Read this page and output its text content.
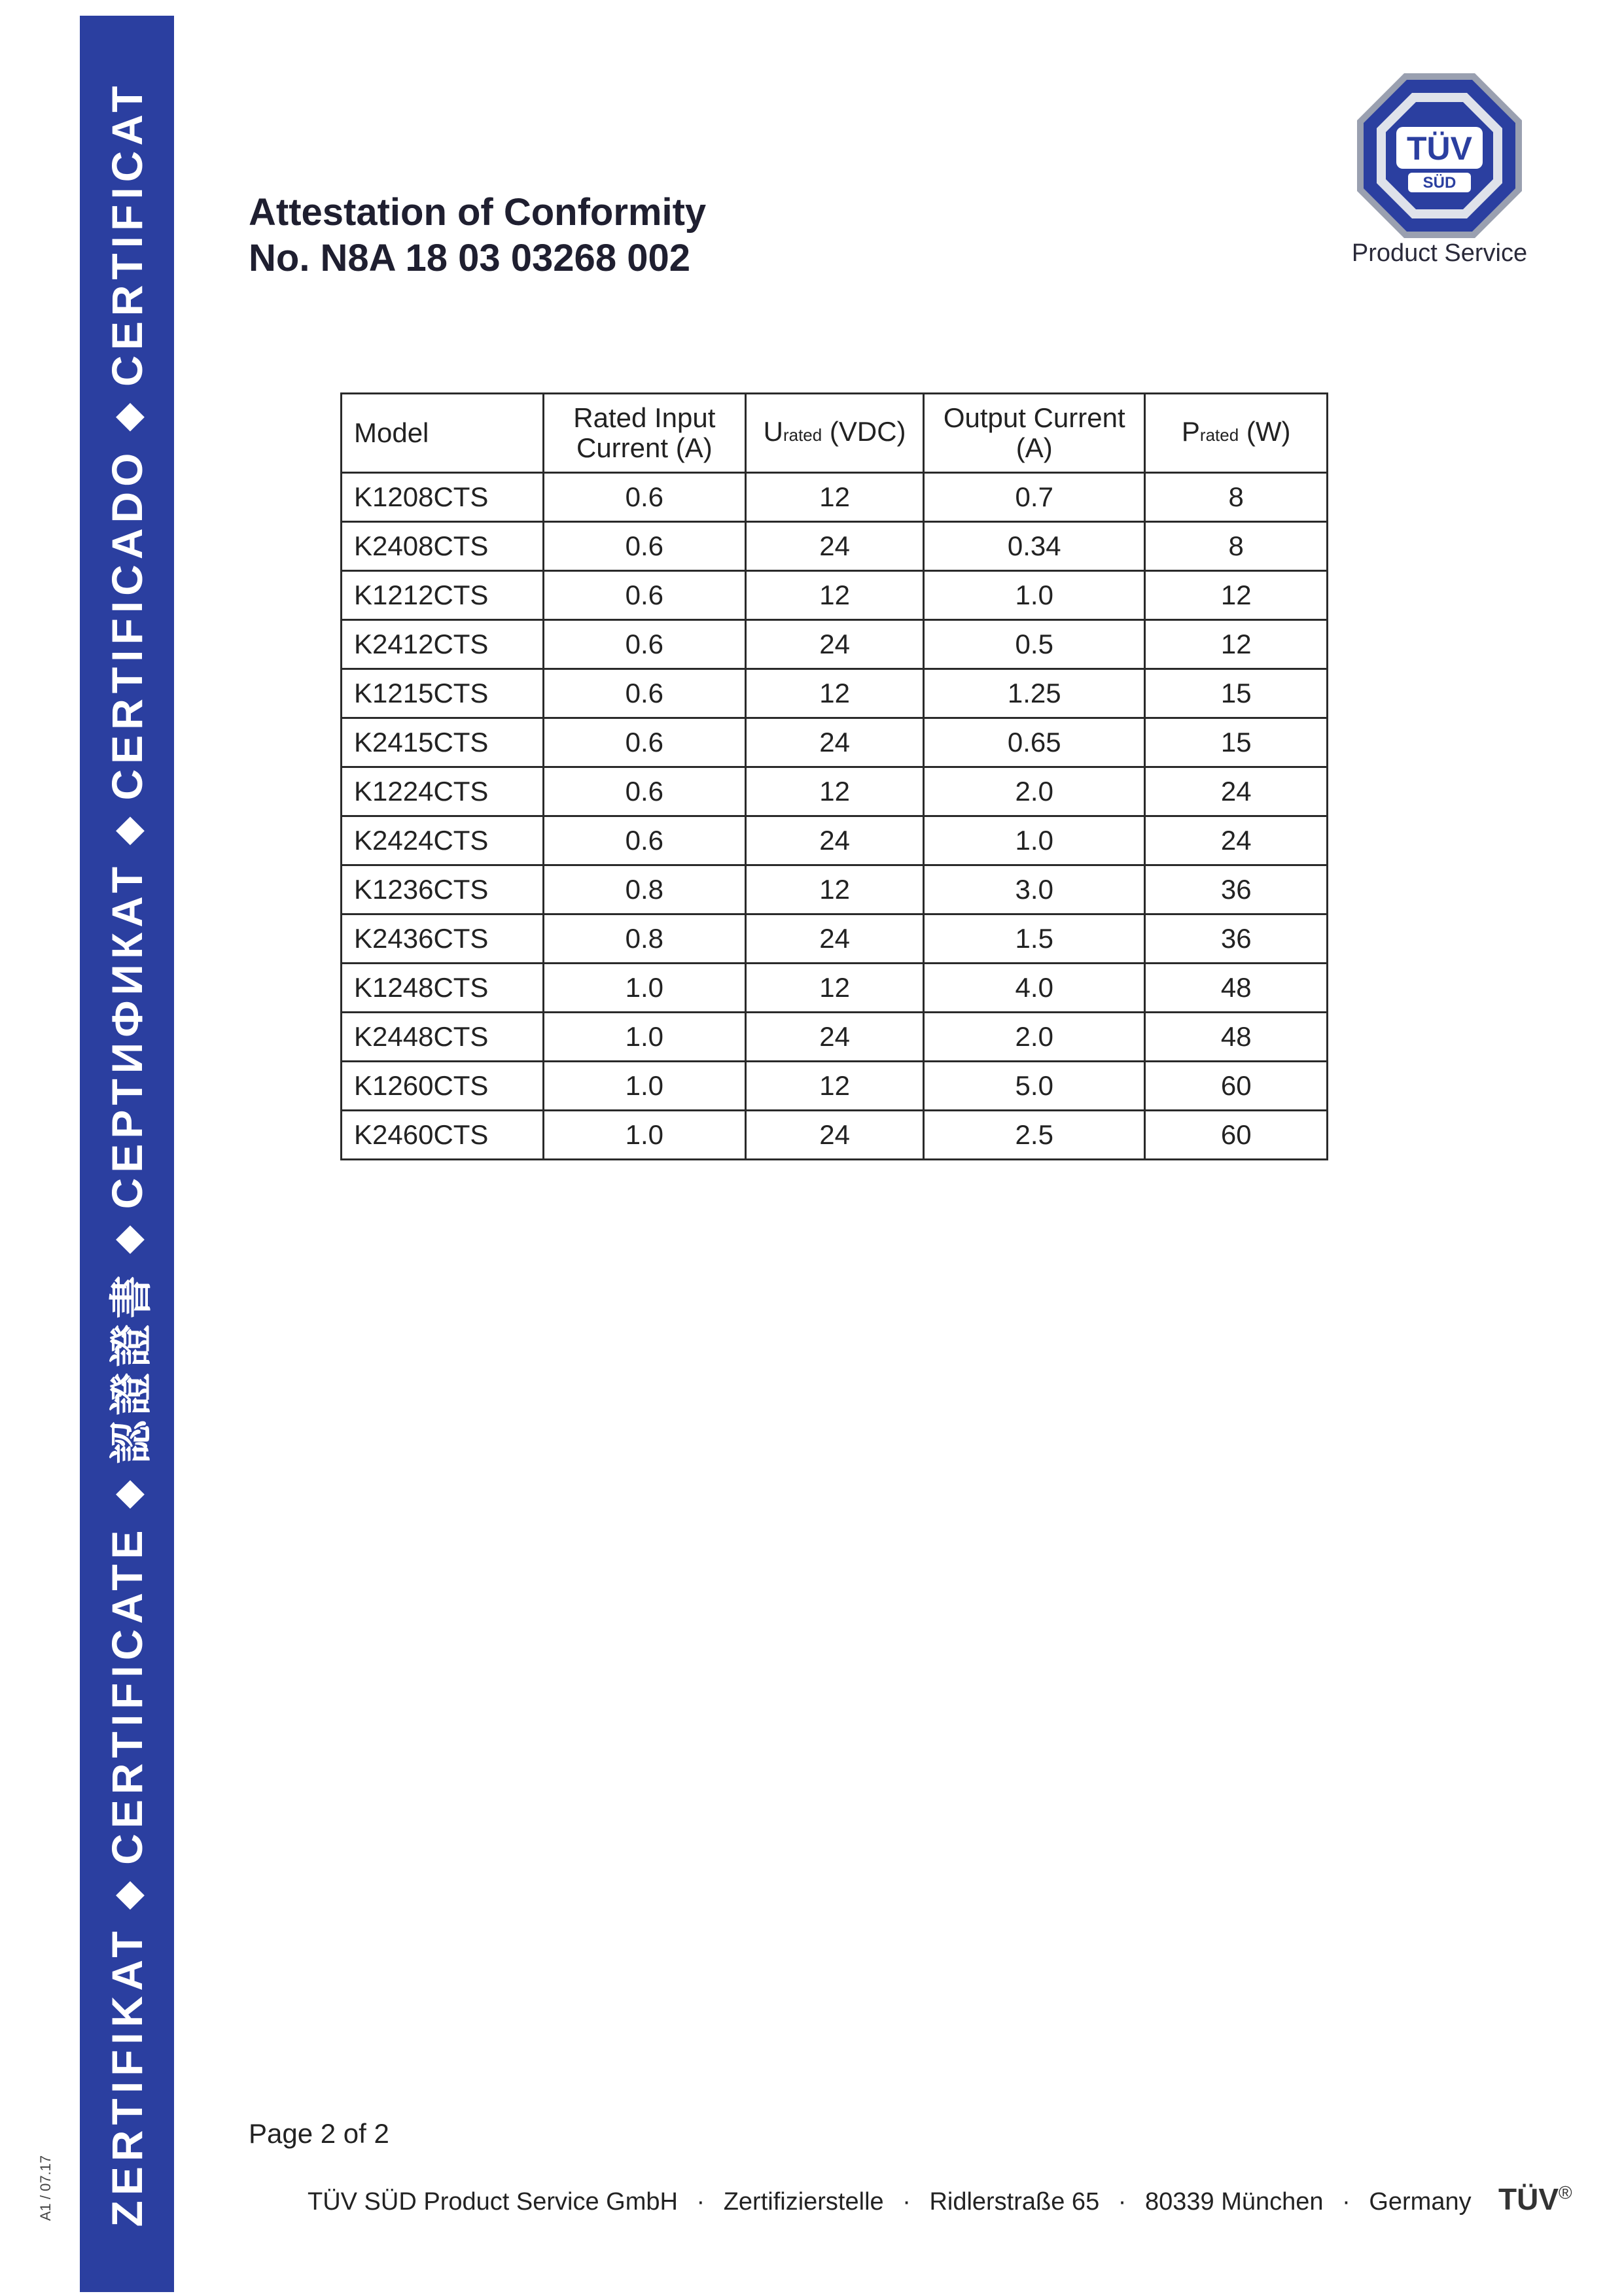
ZERTIFIKAT
◆
CERTIFICATE
◆
認證證書
◆
СЕРТИФИКАТ
◆
CERTIFICADO
◆
CERTIFICAT
A1 / 07.17
Attestation of Conformity
No. N8A 18 03 03268 002
TÜV
SÜD
Product Service
Model	Rated Input Current (A)	Urated (VDC)	Output Current (A)	Prated (W)
K1208CTS	0.6	12	0.7	8
K2408CTS	0.6	24	0.34	8
K1212CTS	0.6	12	1.0	12
K2412CTS	0.6	24	0.5	12
K1215CTS	0.6	12	1.25	15
K2415CTS	0.6	24	0.65	15
K1224CTS	0.6	12	2.0	24
K2424CTS	0.6	24	1.0	24
K1236CTS	0.8	12	3.0	36
K2436CTS	0.8	24	1.5	36
K1248CTS	1.0	12	4.0	48
K2448CTS	1.0	24	2.0	48
K1260CTS	1.0	12	5.0	60
K2460CTS	1.0	24	2.5	60
Page 2 of 2
TÜV SÜD Product Service GmbH · Zertifizierstelle · Ridlerstraße 65 · 80339 München · Germany TÜV®
